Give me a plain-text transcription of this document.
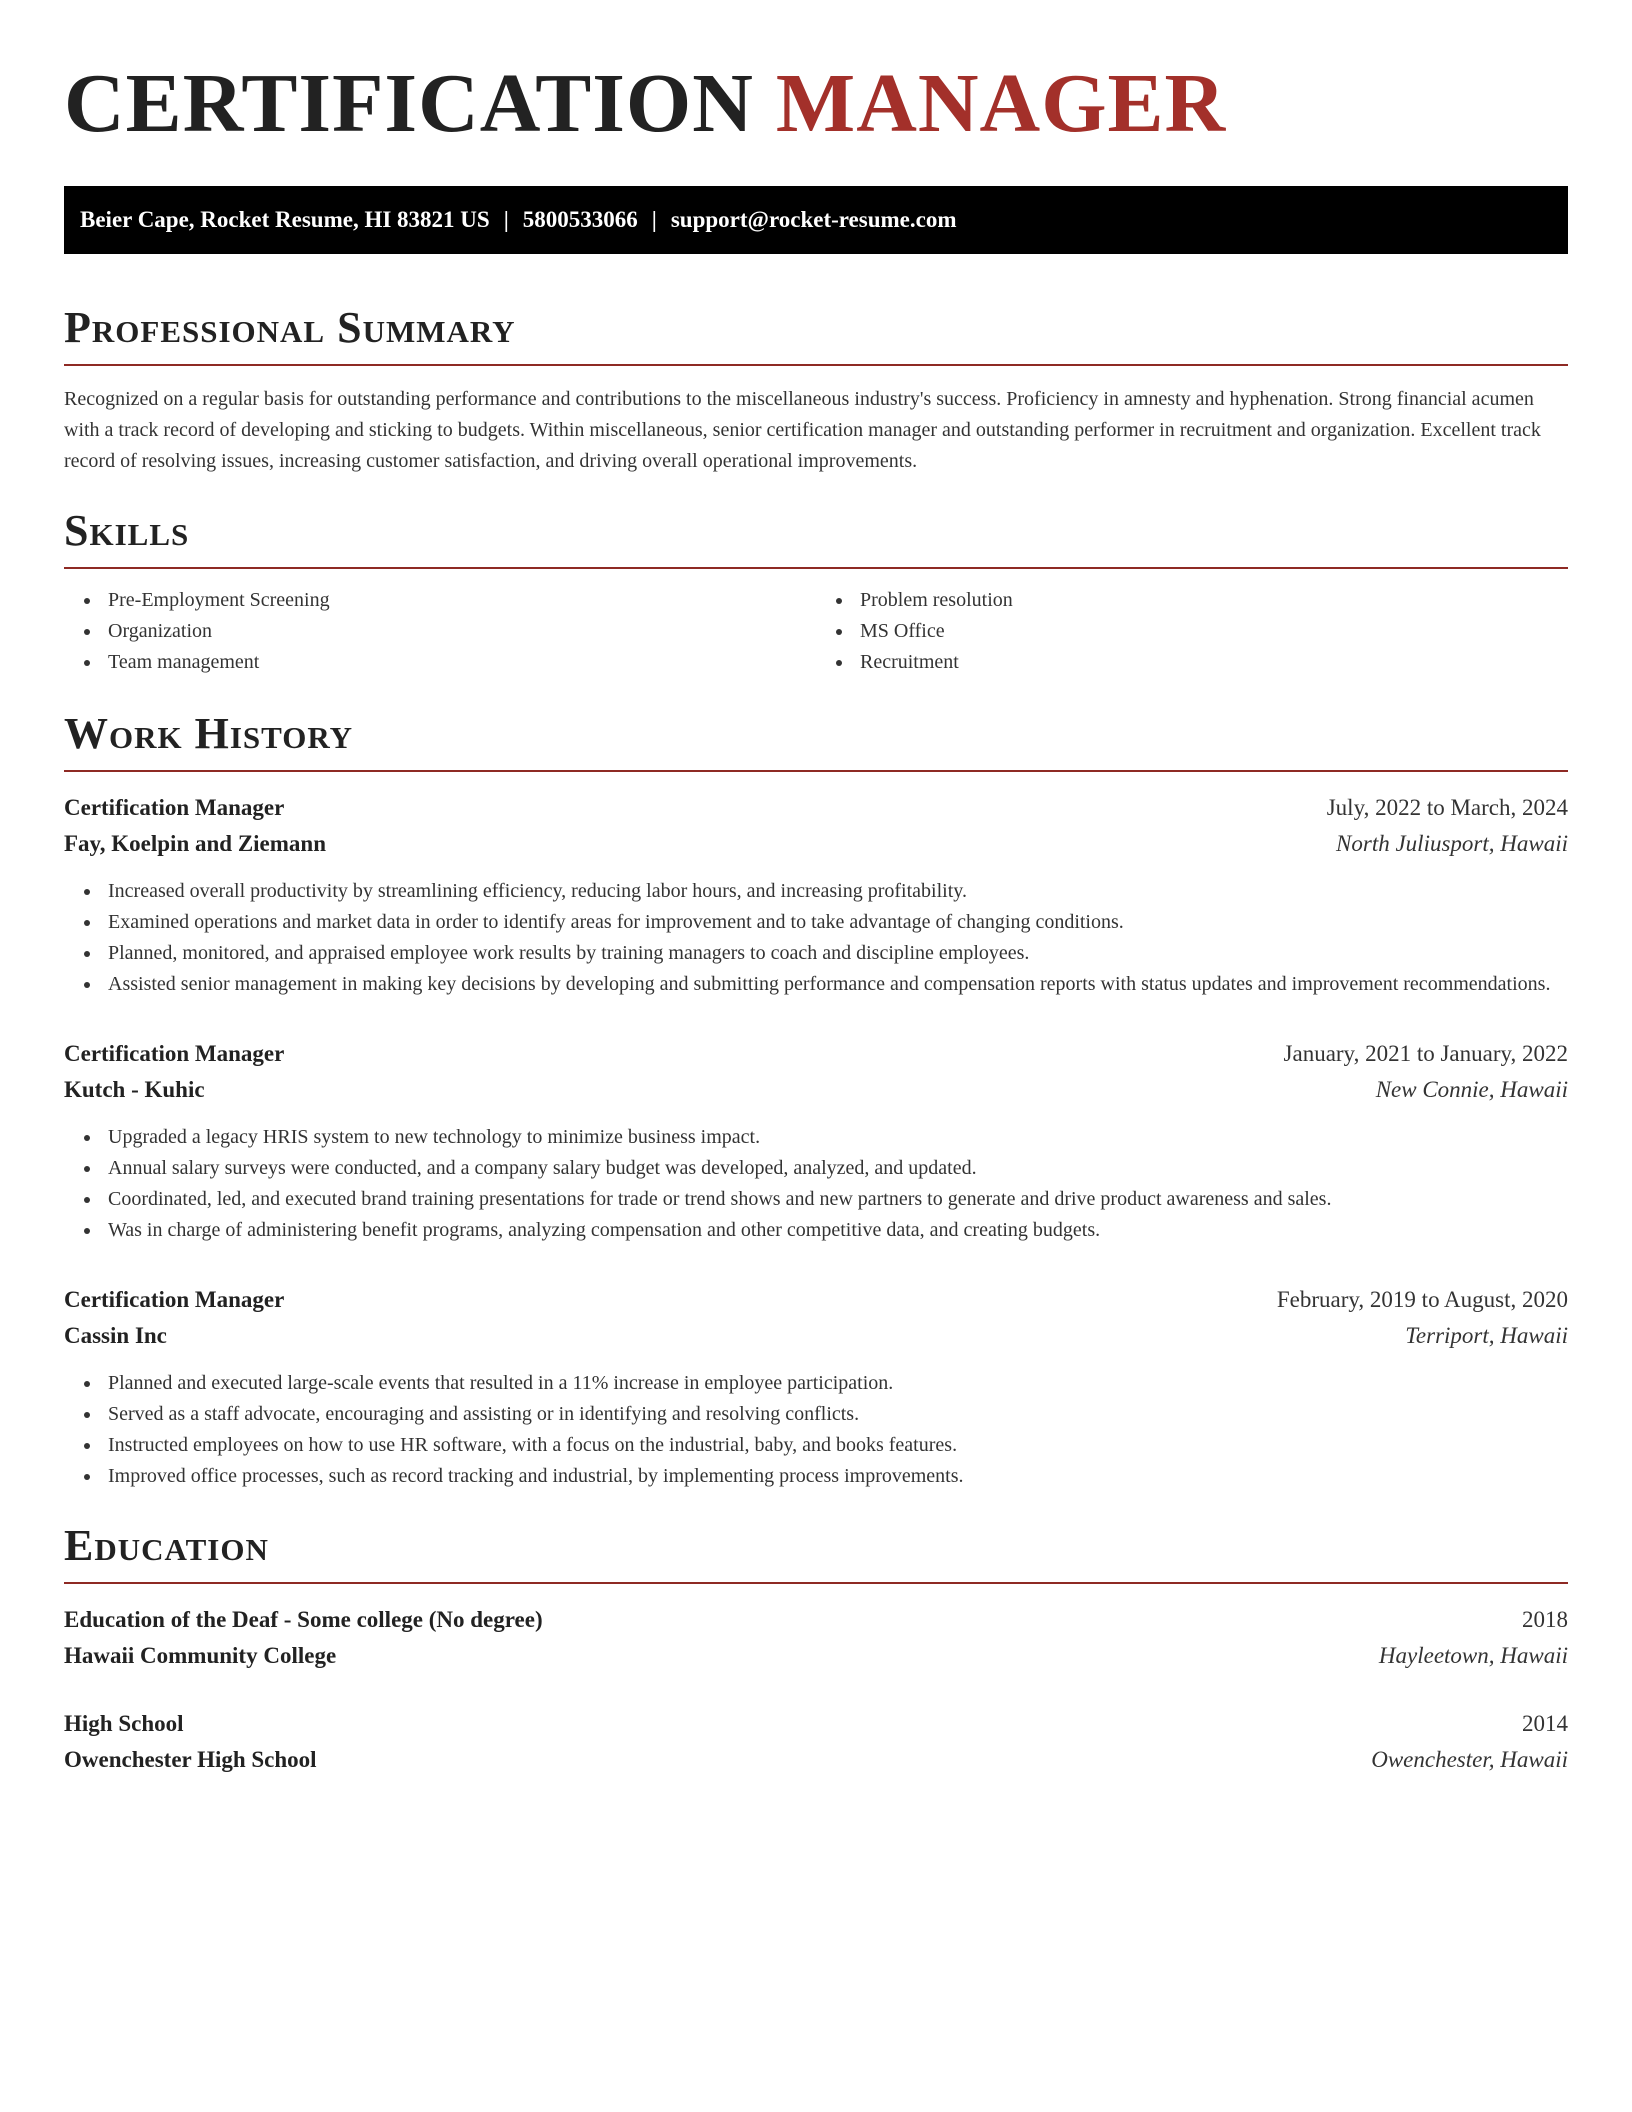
CERTIFICATION MANAGER
Beier Cape, Rocket Resume, HI 83821 US | 5800533066 | support@rocket-resume.com
Professional Summary

Recognized on a regular basis for outstanding performance and contributions to the miscellaneous industry's success. Proficiency in amnesty and hyphenation. Strong financial acumen with a track record of developing and sticking to budgets. Within miscellaneous, senior certification manager and outstanding performer in recruitment and organization. Excellent track record of resolving issues, increasing customer satisfaction, and driving overall operational improvements.

Skills
Pre-Employment Screening
Organization
Team management
Problem resolution
MS Office
Recruitment
Work History
Certification Manager	July, 2022 to March, 2024
Fay, Koelpin and Ziemann	North Juliusport, Hawaii
Increased overall productivity by streamlining efficiency, reducing labor hours, and increasing profitability.
Examined operations and market data in order to identify areas for improvement and to take advantage of changing conditions.
Planned, monitored, and appraised employee work results by training managers to coach and discipline employees.
Assisted senior management in making key decisions by developing and submitting performance and compensation reports with status updates and improvement recommendations.
Certification Manager	January, 2021 to January, 2022
Kutch - Kuhic	New Connie, Hawaii
Upgraded a legacy HRIS system to new technology to minimize business impact.
Annual salary surveys were conducted, and a company salary budget was developed, analyzed, and updated.
Coordinated, led, and executed brand training presentations for trade or trend shows and new partners to generate and drive product awareness and sales.
Was in charge of administering benefit programs, analyzing compensation and other competitive data, and creating budgets.
Certification Manager	February, 2019 to August, 2020
Cassin Inc	Terriport, Hawaii
Planned and executed large-scale events that resulted in a 11% increase in employee participation.
Served as a staff advocate, encouraging and assisting or in identifying and resolving conflicts.
Instructed employees on how to use HR software, with a focus on the industrial, baby, and books features.
Improved office processes, such as record tracking and industrial, by implementing process improvements.
Education
Education of the Deaf - Some college (No degree)	2018
Hawaii Community College	Hayleetown, Hawaii
High School	2014
Owenchester High School	Owenchester, Hawaii
